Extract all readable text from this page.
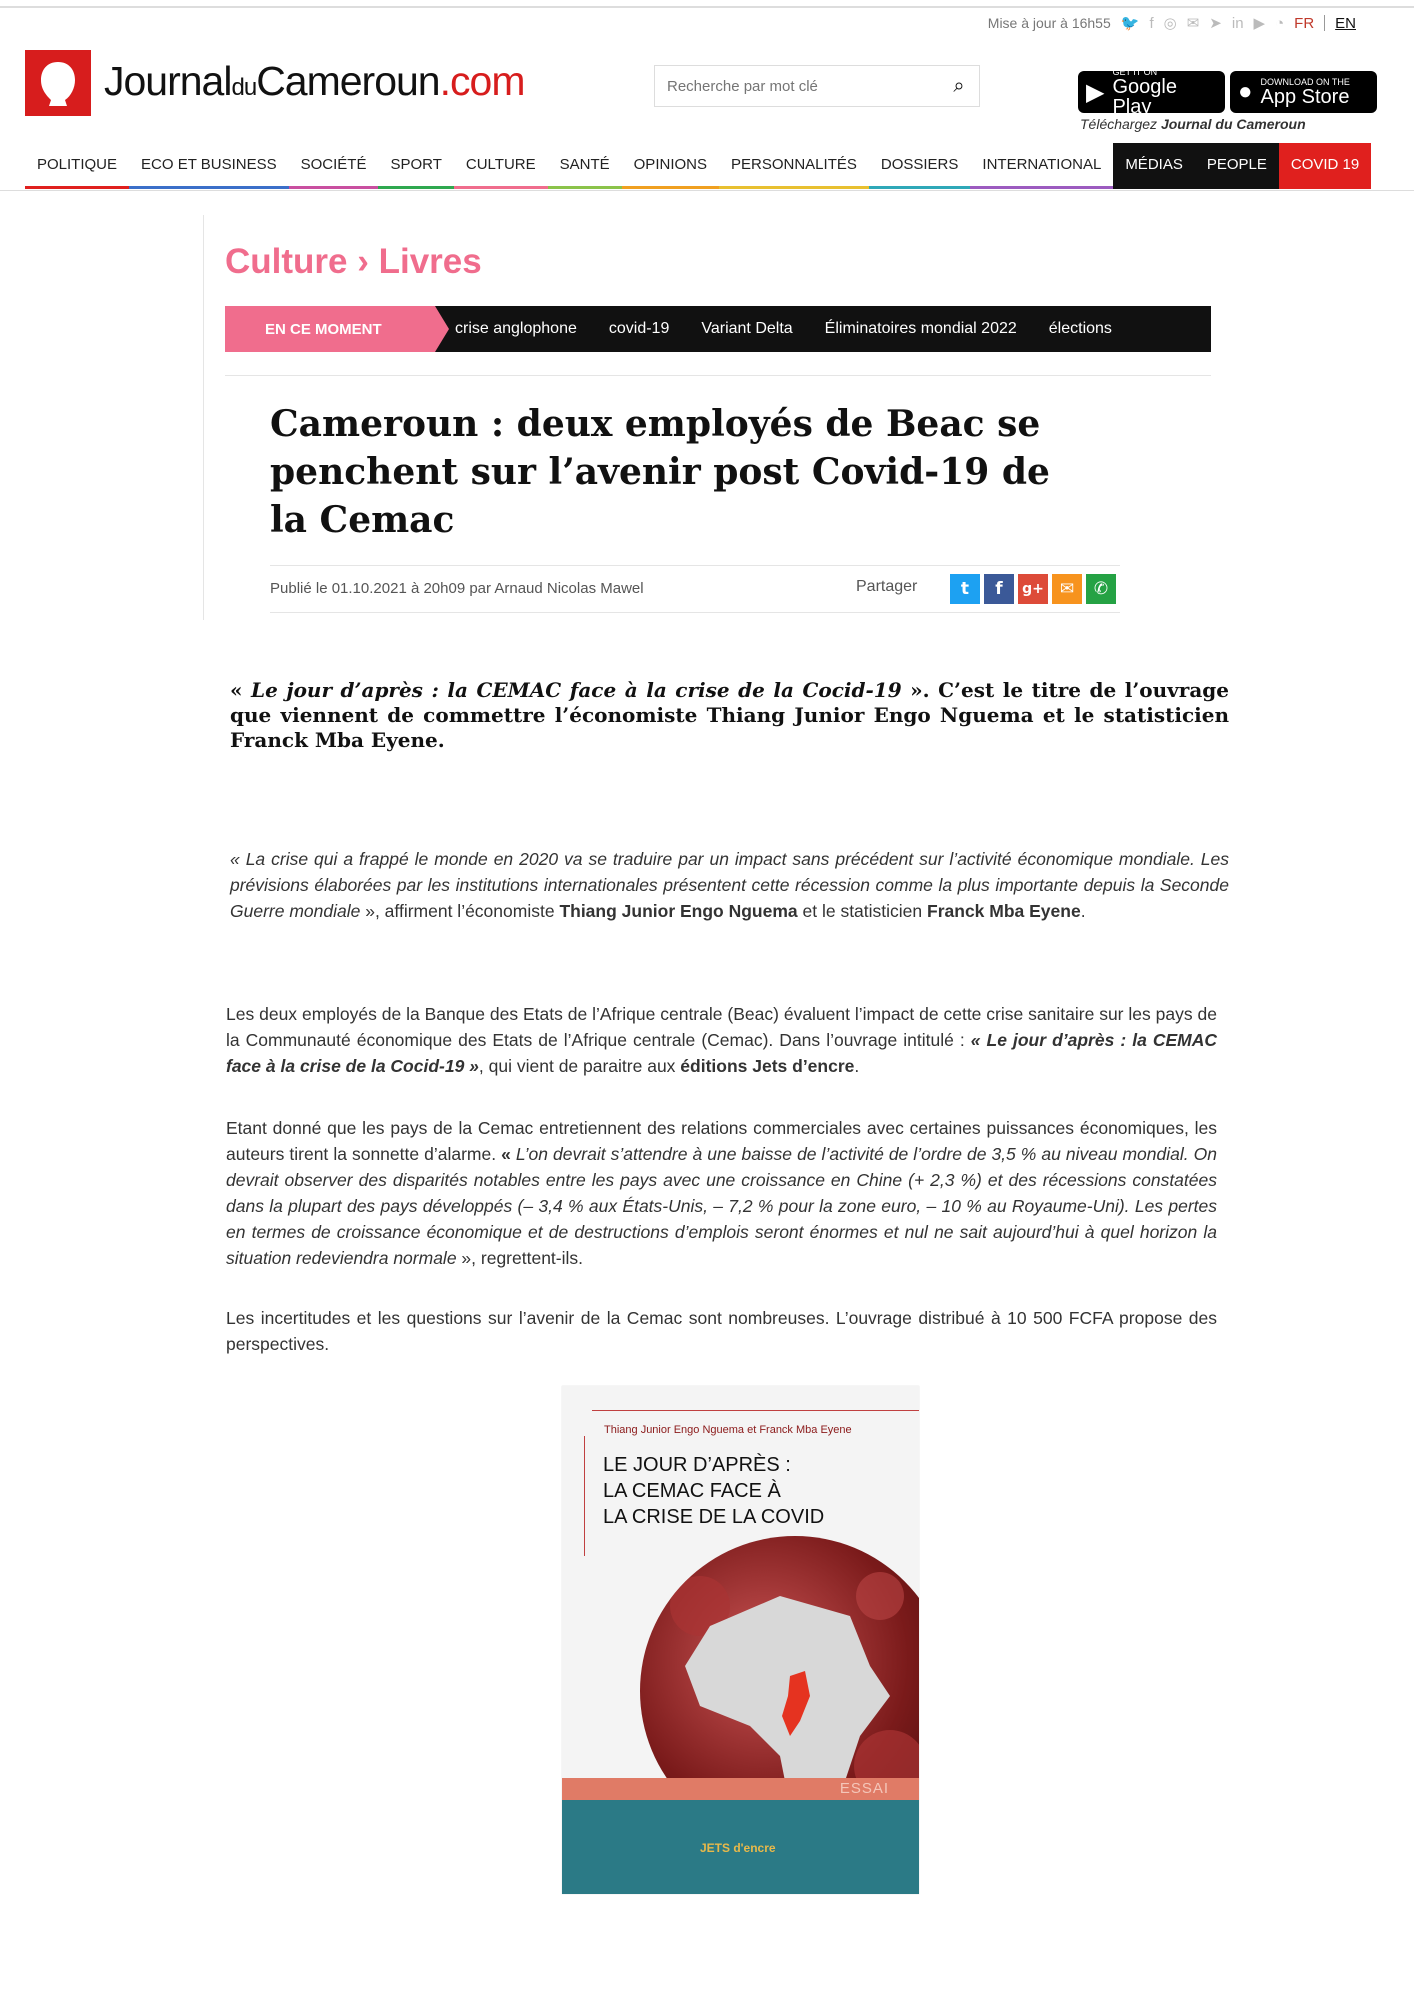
Mise à jour à 16h55 🐦 f ◎ ✉ ➤ in ▶ ◔ FR EN
JournalduCameroun.com
Recherche par mot clé	⌕	▶
GET IT ON
Google Play
● DOWNLOAD ON THE
App Store
Téléchargez Journal du Cameroun
POLITIQUE	ECO ET BUSINESS	SOCIÉTÉ	SPORT	CULTURE	SANTÉ	OPINIONS	PERSONNALITÉS	DOSSIERS	INTERNATIONAL	MÉDIAS	PEOPLE	COVID 19
Culture › Livres
EN CE MOMENT	crise anglophone covid-19 Variant Delta Éliminatoires mondial 2022 élections
Cameroun : deux employés de Beac se penchent sur l’avenir post Covid-19 de la Cemac
Publié le 01.10.2021 à 20h09 par Arnaud Nicolas Mawel	Partager	t	f	g+ ✉	✆
« Le jour d’après : la CEMAC face à la crise de la Cocid-19 ». C’est le titre de l’ouvrage que viennent de commettre l’économiste Thiang Junior Engo Nguema et le statisticien Franck Mba Eyene.
« La crise qui a frappé le monde en 2020 va se traduire par un impact sans précédent sur l’activité économique mondiale. Les prévisions élaborées par les institutions internationales présentent cette récession comme la plus importante depuis la Seconde Guerre mondiale », affirment l’économiste Thiang Junior Engo Nguema et le statisticien Franck Mba Eyene.
Les deux employés de la Banque des Etats de l’Afrique centrale (Beac) évaluent l’impact de cette crise sanitaire sur les pays de la Communauté économique des Etats de l’Afrique centrale (Cemac). Dans l’ouvrage intitulé : « Le jour d’après : la CEMAC face à la crise de la Cocid-19 », qui vient de paraitre aux éditions Jets d’encre.
Etant donné que les pays de la Cemac entretiennent des relations commerciales avec certaines puissances économiques, les auteurs tirent la sonnette d’alarme. « L’on devrait s’attendre à une baisse de l’activité de l’ordre de 3,5 % au niveau mondial. On devrait observer des disparités notables entre les pays avec une croissance en Chine (+ 2,3 %) et des récessions constatées dans la plupart des pays développés (– 3,4 % aux États-Unis, – 7,2 % pour la zone euro, – 10 % au Royaume-Uni). Les pertes en termes de croissance économique et de destructions d’emplois seront énormes et nul ne sait aujourd’hui à quel horizon la situation redeviendra normale », regrettent-ils.
Les incertitudes et les questions sur l’avenir de la Cemac sont nombreuses. L’ouvrage distribué à 10 500 FCFA propose des perspectives.
Thiang Junior Engo Nguema et Franck Mba Eyene
LE JOUR D’APRÈS :
LA CEMAC FACE À
LA CRISE DE LA COVID
ESSAI
JETS d'encre
